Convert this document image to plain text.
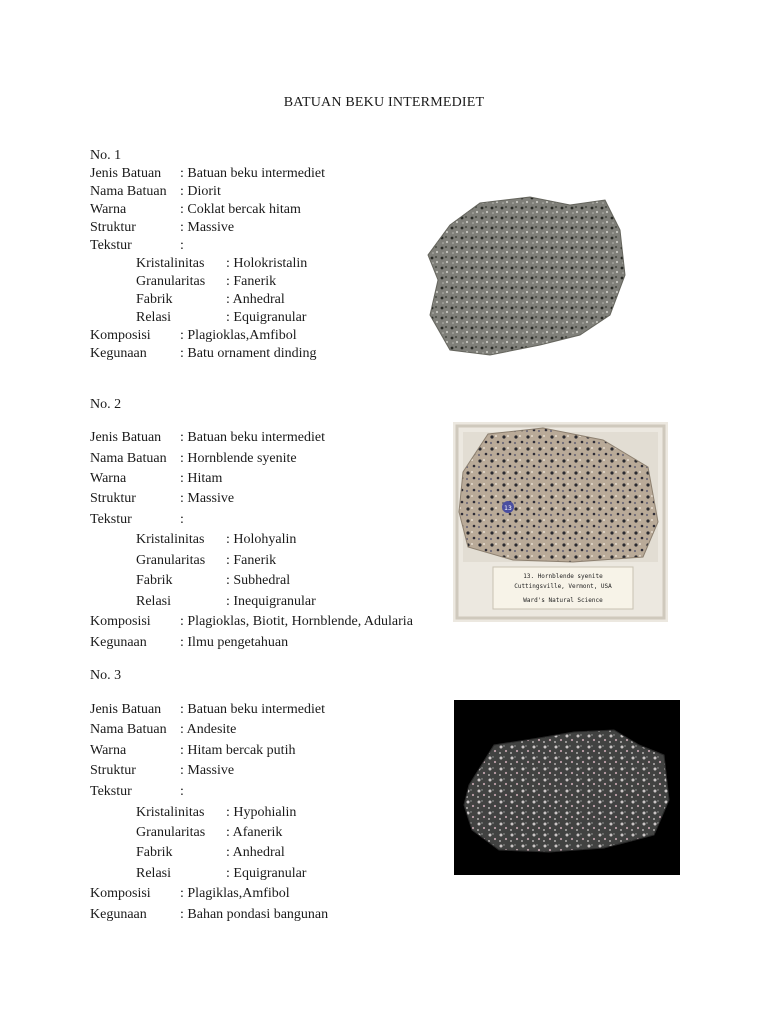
BATUAN BEKU INTERMEDIET
No. 1
Jenis Batuan : Batuan beku intermediet
Nama Batuan : Diorit
Warna	: Coklat bercak hitam
Struktur	: Massive
Tekstur	:
Kristalinitas : Holokristalin
Granularitas : Fanerik
Fabrik	: Anhedral
Relasi	: Equigranular
Komposisi : Plagioklas,Amfibol
Kegunaan : Batu ornament dinding
No. 2
Jenis Batuan : Batuan beku intermediet
Nama Batuan : Hornblende syenite
Warna	: Hitam
Struktur	: Massive
Tekstur	:
Kristalinitas : Holohyalin
Granularitas : Fanerik
Fabrik	: Subhedral
Relasi	: Inequigranular
Komposisi : Plagioklas, Biotit, Hornblende, Adularia
Kegunaan : Ilmu pengetahuan
13
13. Hornblende syenite
Cuttingsville, Vermont, USA
Ward's Natural Science
No. 3
Jenis Batuan : Batuan beku intermediet
Nama Batuan : Andesite
Warna	: Hitam bercak putih
Struktur	: Massive
Tekstur	:
Kristalinitas : Hypohialin
Granularitas : Afanerik
Fabrik	: Anhedral
Relasi	: Equigranular
Komposisi : Plagiklas,Amfibol
Kegunaan : Bahan pondasi bangunan
